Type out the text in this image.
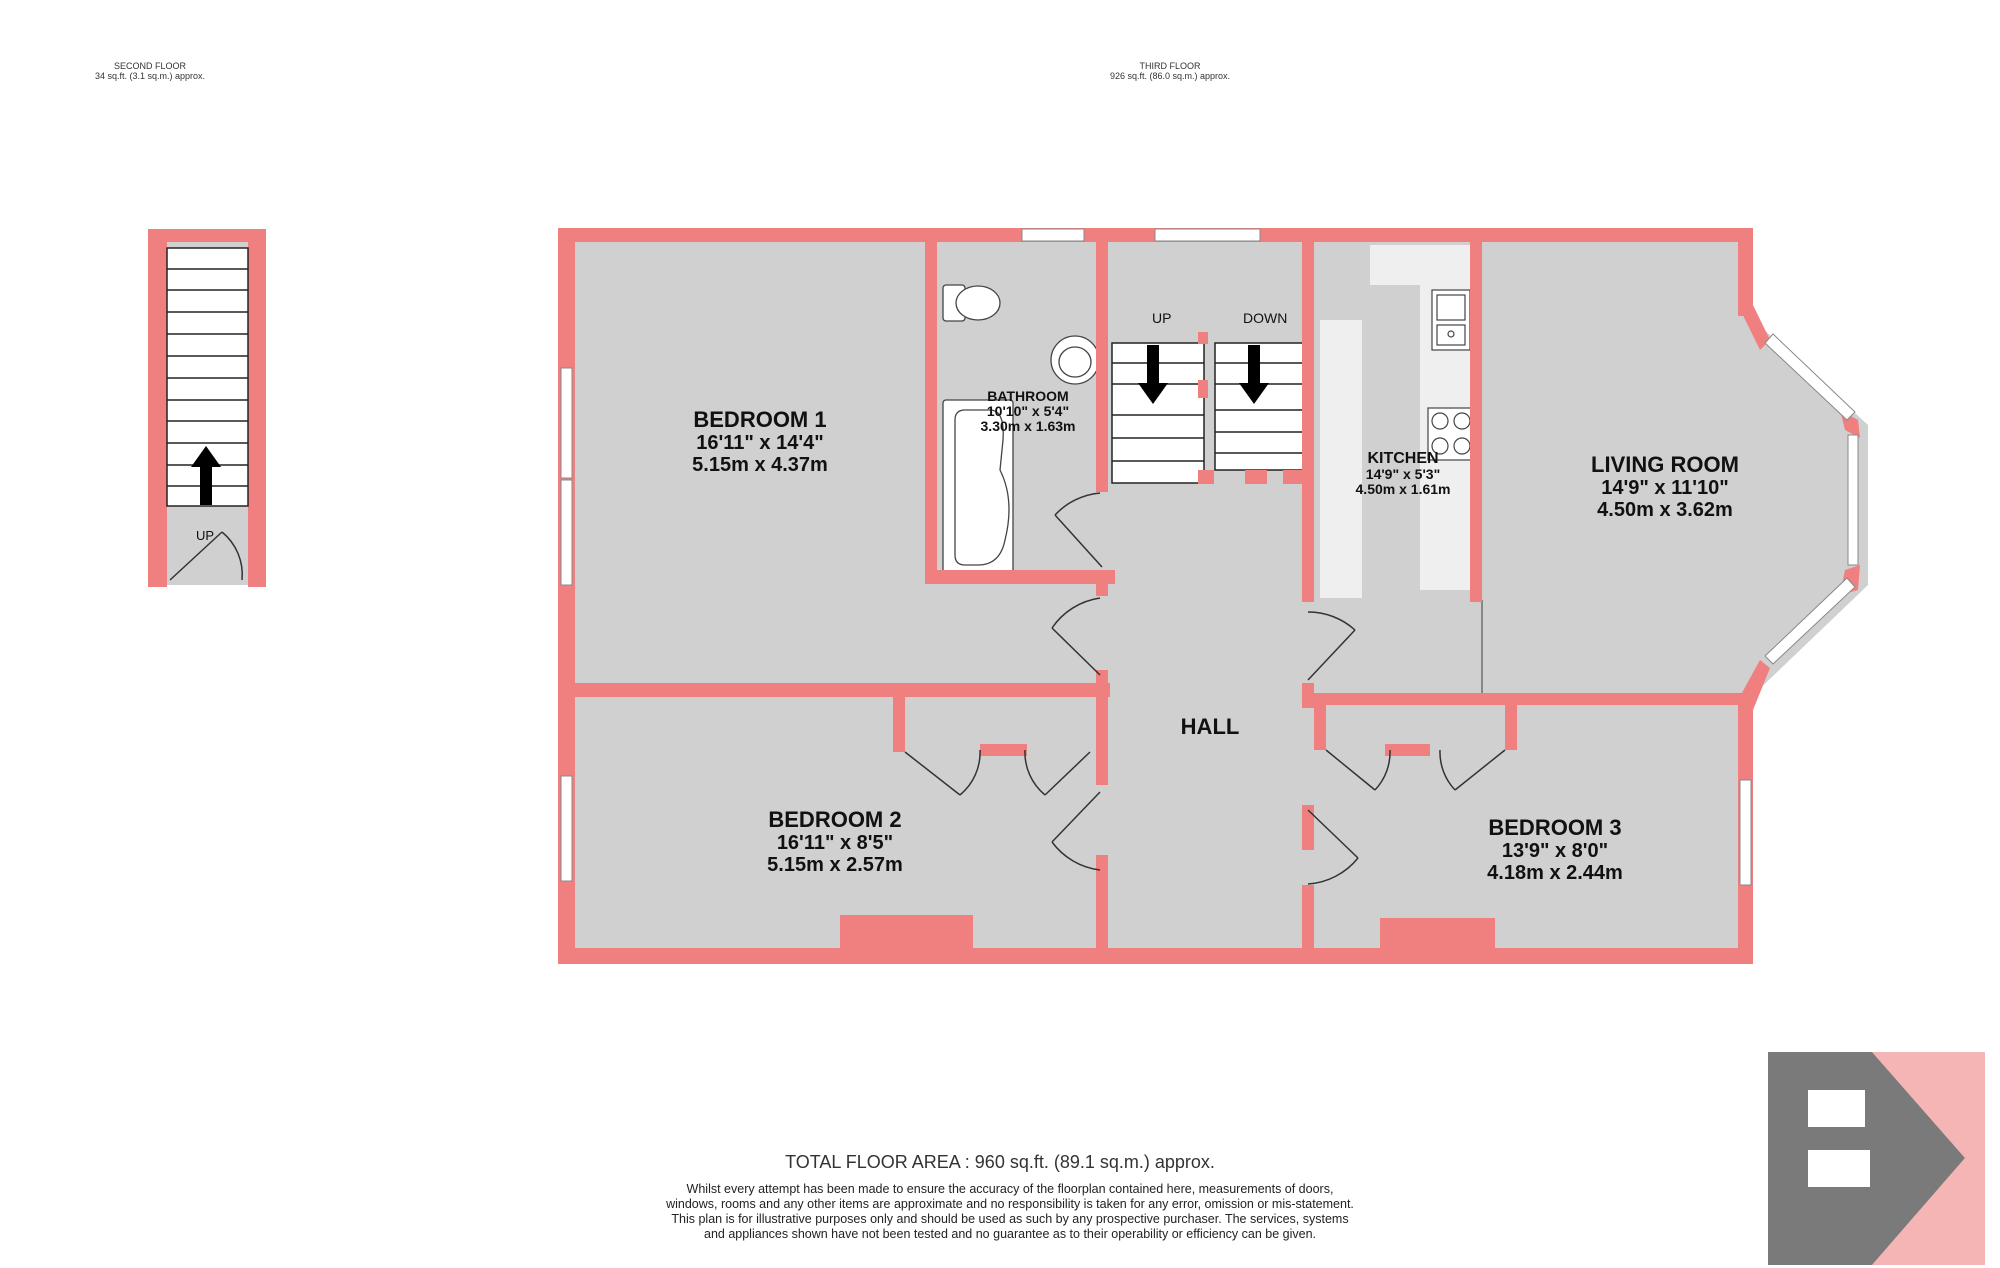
SECOND FLOOR
34 sq.ft. (3.1 sq.m.) approx.
THIRD FLOOR
926 sq.ft. (86.0 sq.m.) approx.
BEDROOM 1
16'11" x 14'4"
5.15m x 4.37m
BATHROOM
10'10" x 5'4"
3.30m x 1.63m
UP	DOWN
KITCHEN
14'9" x 5'3"
4.50m x 1.61m
LIVING ROOM
14'9" x 11'10"
4.50m x 3.62m
HALL
BEDROOM 2
16'11" x 8'5"
5.15m x 2.57m
BEDROOM 3
13'9" x 8'0"
4.18m x 2.44m
UP
TOTAL FLOOR AREA : 960 sq.ft. (89.1 sq.m.) approx.
Whilst every attempt has been made to ensure the accuracy of the floorplan contained here, measurements of doors, windows, rooms and any other items are approximate and no responsibility is taken for any error, omission or mis-statement. This plan is for illustrative purposes only and should be used as such by any prospective purchaser. The services, systems and appliances shown have not been tested and no guarantee as to their operability or efficiency can be given.
